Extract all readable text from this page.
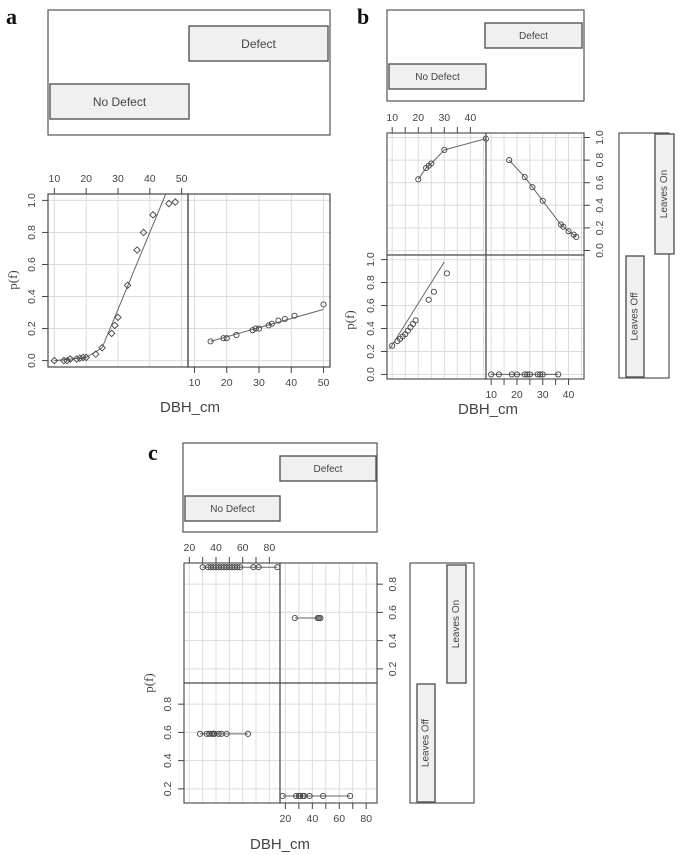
a	b
c
Defect
No Defect
10 20 30 40 50
10 20 30 40 50
0.0
0.2
0.4
0.6
0.8
1.0
p(f)
DBH_cm
Defect
No Defect
Leaves On
Leaves Off
10 20 30 40
0.0
0.2
0.4
0.6
0.8
1.0
0.0
0.2
0.4
0.6
0.8
1.0
10 20 30 40
p(f)
DBH_cm
Defect
No Defect
Leaves On
Leaves Off
20 40 60 80
0.2
0.4
0.6
0.8
0.2
0.4
0.6
0.8
20 40 60 80
p(f)
DBH_cm
